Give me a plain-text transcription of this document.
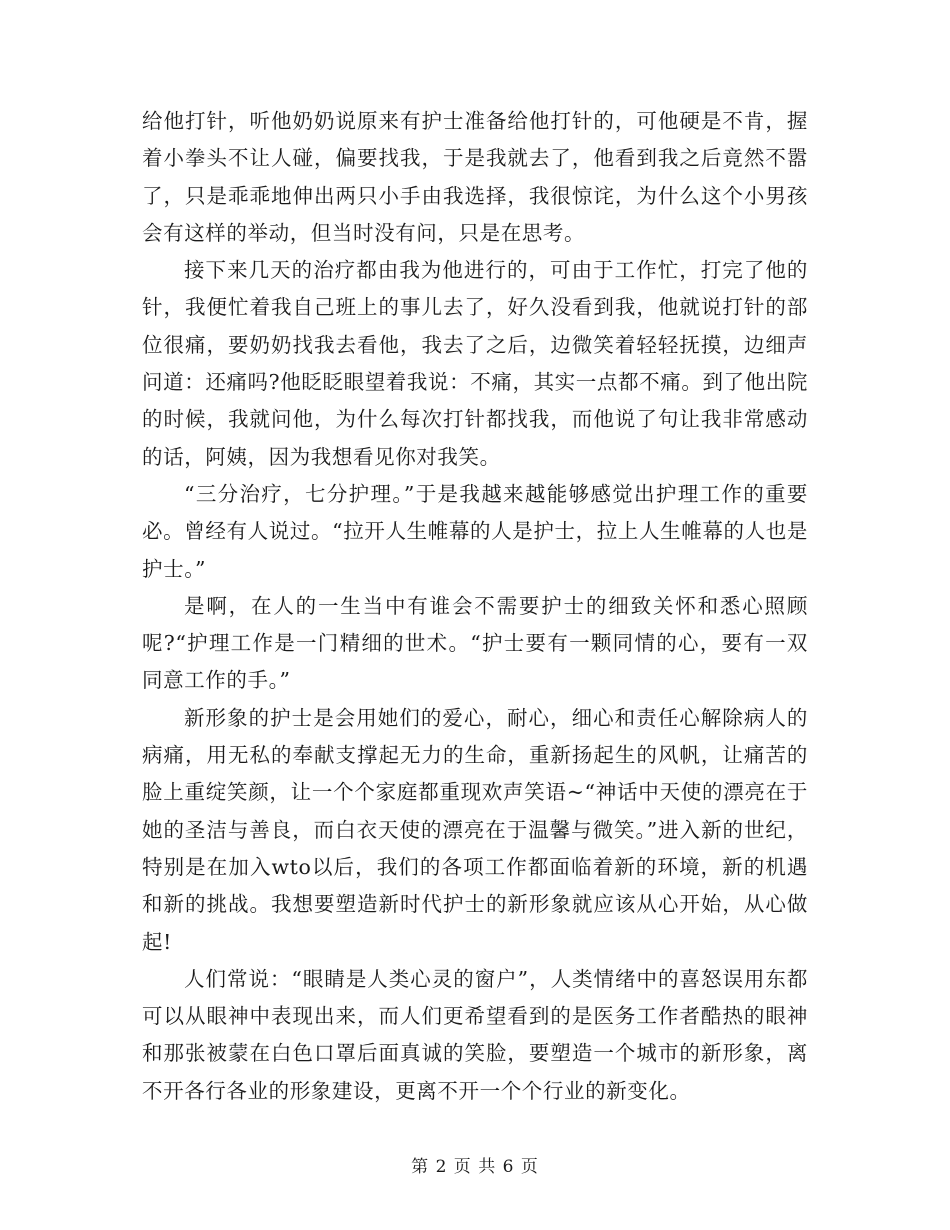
给他打针，听他奶奶说原来有护士准备给他打针的，可他硬是不肯，握着小拳头不让人碰，偏要找我，于是我就去了，他看到我之后竟然不嚣了，只是乖乖地伸出两只小手由我选择，我很惊诧，为什么这个小男孩会有这样的举动，但当时没有问，只是在思考。

接下来几天的治疗都由我为他进行的，可由于工作忙，打完了他的针，我便忙着我自己班上的事儿去了，好久没看到我，他就说打针的部位很痛，要奶奶找我去看他，我去了之后，边微笑着轻轻抚摸，边细声问道：还痛吗?他眨眨眼望着我说：不痛，其实一点都不痛。到了他出院的时候，我就问他，为什么每次打针都找我，而他说了句让我非常感动的话，阿姨，因为我想看见你对我笑。

“三分治疗，七分护理。”于是我越来越能够感觉出护理工作的重要必。曾经有人说过。“拉开人生帷幕的人是护士，拉上人生帷幕的人也是护士。”

是啊，在人的一生当中有谁会不需要护士的细致关怀和悉心照顾呢?“护理工作是一门精细的世术。“护士要有一颗同情的心，要有一双同意工作的手。”

新形象的护士是会用她们的爱心，耐心，细心和责任心解除病人的病痛，用无私的奉献支撑起无力的生命，重新扬起生的风帆，让痛苦的脸上重绽笑颜，让一个个家庭都重现欢声笑语~“神话中天使的漂亮在于她的圣洁与善良，而白衣天使的漂亮在于温馨与微笑。”进入新的世纪，特别是在加入wto以后，我们的各项工作都面临着新的环境，新的机遇和新的挑战。我想要塑造新时代护士的新形象就应该从心开始，从心做起!

人们常说：“眼睛是人类心灵的窗户”，人类情绪中的喜怒误用东都可以从眼神中表现出来，而人们更希望看到的是医务工作者酷热的眼神和那张被蒙在白色口罩后面真诚的笑脸，要塑造一个城市的新形象，离不开各行各业的形象建设，更离不开一个个行业的新变化。

第 2 页 共 6 页
